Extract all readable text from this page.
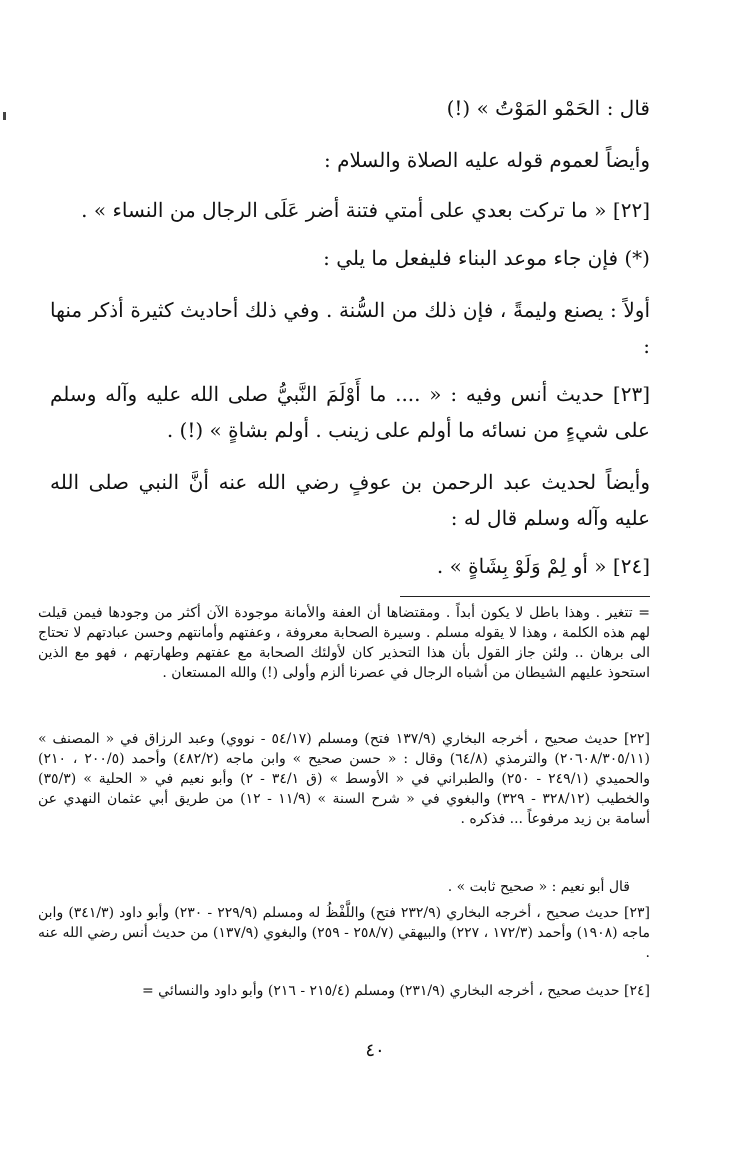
قال : الحَمْو المَوْتُ » (!)

وأيضاً لعموم قوله عليه الصلاة والسلام :

[٢٢] « ما تركت بعدي على أمتي فتنة أضر عَلَى الرجال من النساء » .

(*) فإن جاء موعد البناء فليفعل ما يلي :

أولاً : يصنع وليمةً ، فإن ذلك من السُّنة . وفي ذلك أحاديث كثيرة أذكر منها :

[٢٣] حديث أنس وفيه : « .... ما أَوْلَمَ النَّبيُّ صلى الله عليه وآله وسلم على شيءٍ من نسائه ما أولم على زينب . أولم بشاةٍ » (!) .

وأيضاً لحديث عبد الرحمن بن عوفٍ رضي الله عنه أنَّ النبي صلى الله عليه وآله وسلم قال له :

[٢٤] « أو لِمْ وَلَوْ بِشَاةٍ » .

= تتغير . وهذا باطل لا يكون أبداً . ومقتضاها أن العفة والأمانة موجودة الآن أكثر من وجودها فيمن قيلت لهم هذه الكلمة ، وهذا لا يقوله مسلم . وسيرة الصحابة معروفة ، وعفتهم وأمانتهم وحسن عبادتهم لا تحتاج الى برهان .. ولئن جاز القول بأن هذا التحذير كان لأولئك الصحابة مع عفتهم وطهارتهم ، فهو مع الذين استحوذ عليهم الشيطان من أشباه الرجال في عصرنا ألزم وأولى (!) والله المستعان .

[٢٢] حديث صحيح ، أخرجه البخاري (١٣٧/٩ فتح) ومسلم (٥٤/١٧ - نووي) وعبد الرزاق في « المصنف » (٢٠٦٠٨/٣٠٥/١١) والترمذي (٦٤/٨) وقال : « حسن صحيح » وابن ماجه (٤٨٢/٢) وأحمد (٢٠٠/٥ ، ٢١٠) والحميدي (٢٤٩/١ - ٢٥٠) والطبراني في « الأوسط » (ق ٣٤/١ - ٢) وأبو نعيم في « الحلية » (٣٥/٣) والخطيب (٣٢٨/١٢ - ٣٢٩) والبغوي في « شرح السنة » (١١/٩ - ١٢) من طريق أبي عثمان النهدي عن أسامة بن زيد مرفوعاً ... فذكره .

قال أبو نعيم : « صحيح ثابت » .

[٢٣] حديث صحيح ، أخرجه البخاري (٢٣٢/٩ فتح) واللَّفْظُ له ومسلم (٢٢٩/٩ - ٢٣٠) وأبو داود (٣٤١/٣) وابن ماجه (١٩٠٨) وأحمد (١٧٢/٣ ، ٢٢٧) والبيهقي (٢٥٨/٧ - ٢٥٩) والبغوي (١٣٧/٩) من حديث أنس رضي الله عنه .

[٢٤] حديث صحيح ، أخرجه البخاري (٢٣١/٩) ومسلم (٢١٥/٤ - ٢١٦) وأبو داود والنسائي =

٤٠
